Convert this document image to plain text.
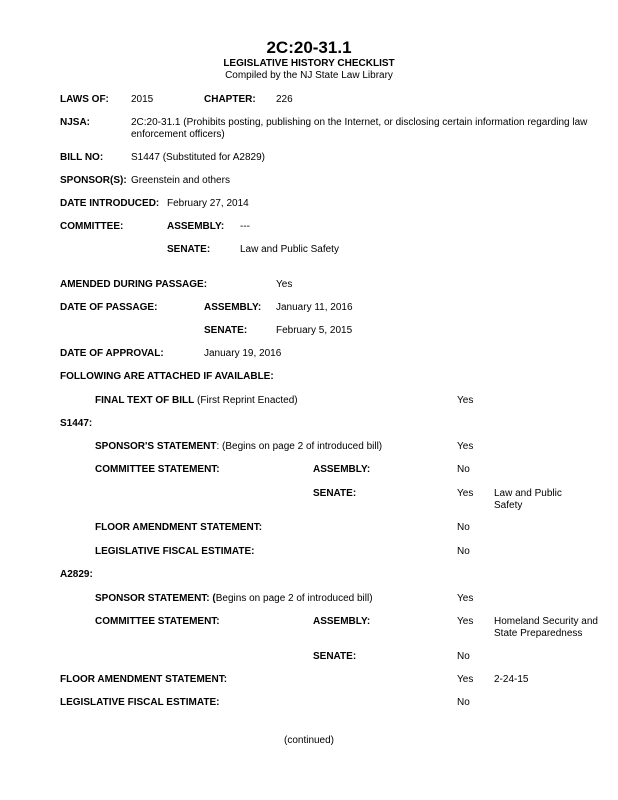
2C:20-31.1
LEGISLATIVE HISTORY CHECKLIST
Compiled by the NJ State Law Library
LAWS OF: 2015	CHAPTER: 226
NJSA:	2C:20-31.1 (Prohibits posting, publishing on the Internet, or disclosing certain information regarding law enforcement officers)
BILL NO:	S1447 (Substituted for A2829)
SPONSOR(S): Greenstein and others
DATE INTRODUCED: February 27, 2014
COMMITTEE:	ASSEMBLY: ---
SENATE:	Law and Public Safety
AMENDED DURING PASSAGE:	Yes
DATE OF PASSAGE:	ASSEMBLY: January 11, 2016
SENATE:	February 5, 2015
DATE OF APPROVAL:	January 19, 2016
FOLLOWING ARE ATTACHED IF AVAILABLE:
FINAL TEXT OF BILL (First Reprint Enacted)	Yes
S1447:
SPONSOR'S STATEMENT: (Begins on page 2 of introduced bill)	Yes
COMMITTEE STATEMENT:	ASSEMBLY:	No
SENATE:	Yes Law and Public Safety
FLOOR AMENDMENT STATEMENT:	No
LEGISLATIVE FISCAL ESTIMATE:	No
A2829:
SPONSOR STATEMENT: (Begins on page 2 of introduced bill)	Yes
COMMITTEE STATEMENT:	ASSEMBLY:	Yes Homeland Security and State Preparedness
SENATE:	No
FLOOR AMENDMENT STATEMENT:	Yes 2-24-15
LEGISLATIVE FISCAL ESTIMATE:	No
(continued)
